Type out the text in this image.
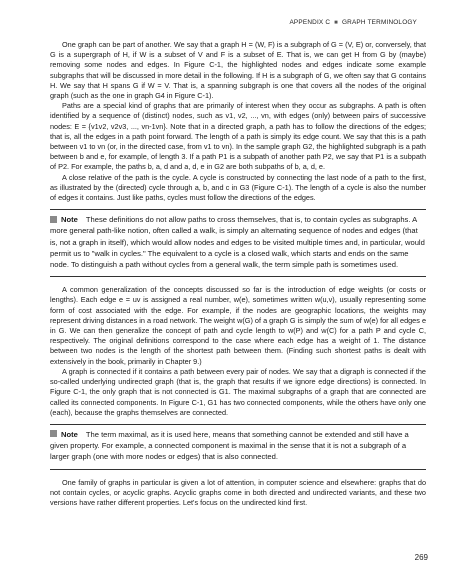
APPENDIX C ■ GRAPH TERMINOLOGY

One graph can be part of another. We say that a graph H = (W, F) is a subgraph of G = (V, E) or, conversely, that G is a supergraph of H, if W is a subset of V and F is a subset of E. That is, we can get H from G by (maybe) removing some nodes and edges. In Figure C-1, the highlighted nodes and edges indicate some example subgraphs that will be discussed in more detail in the following. If H is a subgraph of G, we often say that G contains H. We say that H spans G if W = V. That is, a spanning subgraph is one that covers all the nodes of the original graph (such as the one in graph G4 in Figure C-1).

Paths are a special kind of graphs that are primarily of interest when they occur as subgraphs. A path is often identified by a sequence of (distinct) nodes, such as v1, v2, ..., vn, with edges (only) between pairs of successive nodes: E = {v1v2, v2v3, ..., vn-1vn}. Note that in a directed graph, a path has to follow the directions of the edges; that is, all the edges in a path point forward. The length of a path is simply its edge count. We say that this is a path between v1 to vn (or, in the directed case, from v1 to vn). In the sample graph G2, the highlighted subgraph is a path between b and e, for example, of length 3. If a path P1 is a subpath of another path P2, we say that P1 is a subpath of P2. For example, the paths b, a, d and a, d, e in G2 are both subpaths of b, a, d, e.

A close relative of the path is the cycle. A cycle is constructed by connecting the last node of a path to the first, as illustrated by the (directed) cycle through a, b, and c in G3 (Figure C-1). The length of a cycle is also the number of edges it contains. Just like paths, cycles must follow the directions of the edges.

Note These definitions do not allow paths to cross themselves, that is, to contain cycles as subgraphs. A more general path-like notion, often called a walk, is simply an alternating sequence of nodes and edges (that is, not a graph in itself), which would allow nodes and edges to be visited multiple times and, in particular, would permit us to "walk in cycles." The equivalent to a cycle is a closed walk, which starts and ends on the same node. To distinguish a path without cycles from a general walk, the term simple path is sometimes used.

A common generalization of the concepts discussed so far is the introduction of edge weights (or costs or lengths). Each edge e = uv is assigned a real number, w(e), sometimes written w(u,v), usually representing some form of cost associated with the edge. For example, if the nodes are geographic locations, the weights may represent driving distances in a road network. The weight w(G) of a graph G is simply the sum of w(e) for all edges e in G. We can then generalize the concept of path and cycle length to w(P) and w(C) for a path P and cycle C, respectively. The original definitions correspond to the case where each edge has a weight of 1. The distance between two nodes is the length of the shortest path between them. (Finding such shortest paths is dealt with extensively in the book, primarily in Chapter 9.)

A graph is connected if it contains a path between every pair of nodes. We say that a digraph is connected if the so-called underlying undirected graph (that is, the graph that results if we ignore edge directions) is connected. In Figure C-1, the only graph that is not connected is G1. The maximal subgraphs of a graph that are connected are called its connected components. In Figure C-1, G1 has two connected components, while the others have only one (each), because the graphs themselves are connected.

Note The term maximal, as it is used here, means that something cannot be extended and still have a given property. For example, a connected component is maximal in the sense that it is not a subgraph of a larger graph (one with more nodes or edges) that is also connected.

One family of graphs in particular is given a lot of attention, in computer science and elsewhere: graphs that do not contain cycles, or acyclic graphs. Acyclic graphs come in both directed and undirected variants, and these two versions have rather different properties. Let's focus on the undirected kind first.

269
